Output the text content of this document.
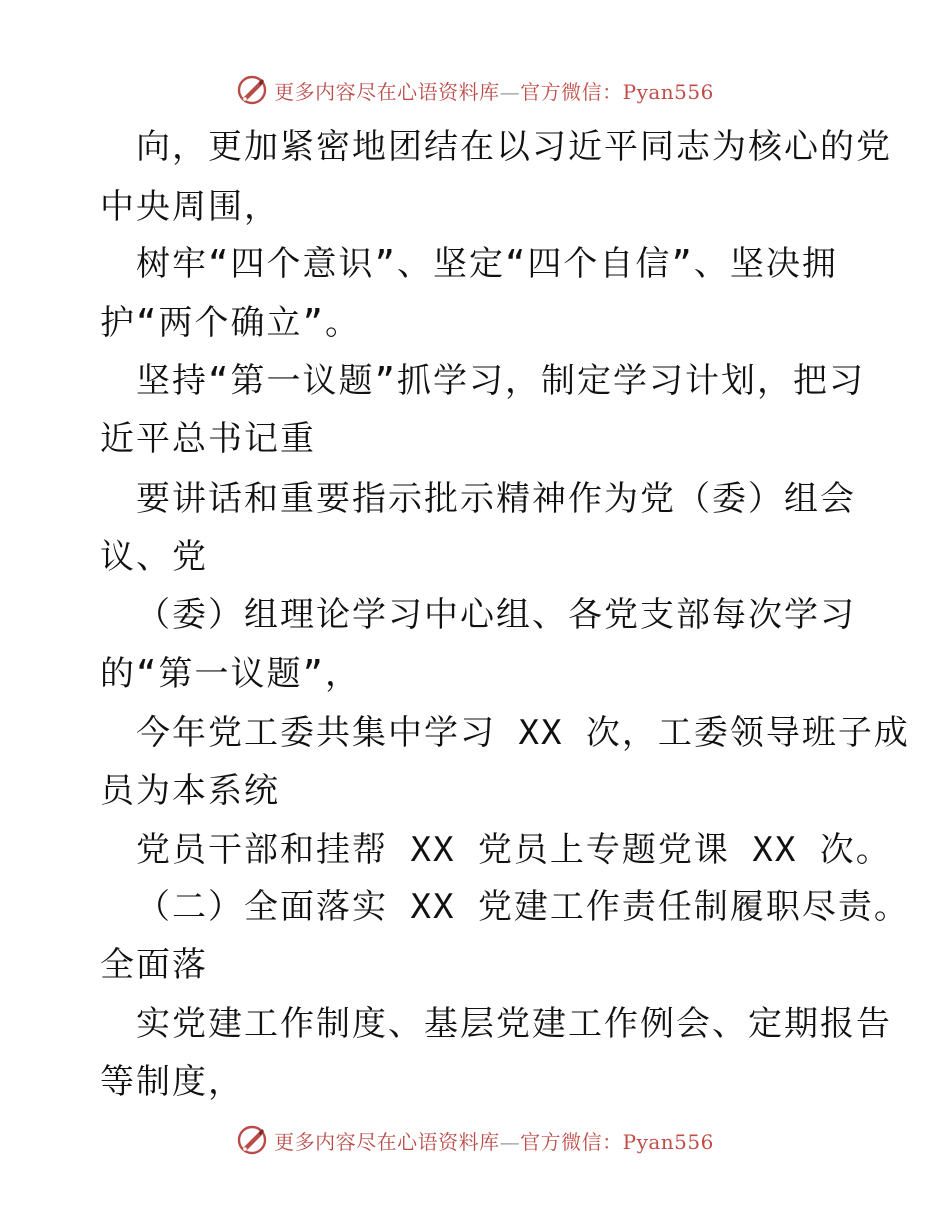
更多内容尽在心语资料库—官方微信：Pyan556
向，更加紧密地团结在以习近平同志为核心的党
中央周围，
树牢“四个意识”、坚定“四个自信”、坚决拥
护“两个确立”。
坚持“第一议题”抓学习，制定学习计划，把习
近平总书记重
要讲话和重要指示批示精神作为党（委）组会
议、党
（委）组理论学习中心组、各党支部每次学习
的“第一议题”，
今年党工委共集中学习 XX 次，工委领导班子成
员为本系统
党员干部和挂帮 XX 党员上专题党课 XX 次。
（二）全面落实 XX 党建工作责任制履职尽责。
全面落
实党建工作制度、基层党建工作例会、定期报告
等制度，
更多内容尽在心语资料库—官方微信：Pyan556
